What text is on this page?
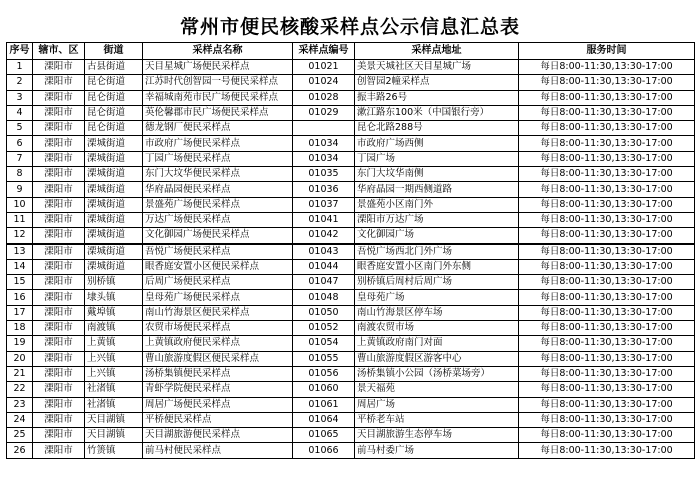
常州市便民核酸采样点公示信息汇总表
序号	辖市、区	街道	采样点名称	采样点编号	采样点地址	服务时间
1	溧阳市	古县街道	天目星城广场便民采样点	01021	美景天城社区天目星城广场	每日8:00-11:30,13:30-17:00
2	溧阳市	昆仑街道	江苏时代创智园一号便民采样点	01024	创智园2幢采样点	每日8:00-11:30,13:30-17:00
3	溧阳市	昆仑街道	幸福城南苑市民广场便民采样点	01028	振丰路26号	每日8:00-11:30,13:30-17:00
4	溧阳市	昆仑街道	英伦馨郡市民广场便民采样点	01029	漱江路东100米（中国银行旁）	每日8:00-11:30,13:30-17:00
5	溧阳市	昆仑街道	德龙钢厂便民采样点		昆仑北路288号	每日8:00-11:30,13:30-17:00
6	溧阳市	溧城街道	市政府广场便民采样点	01034	市政府广场西侧	每日8:00-11:30,13:30-17:00
7	溧阳市	溧城街道	丁园广场便民采样点	01034	丁园广场	每日8:00-11:30,13:30-17:00
8	溧阳市	溧城街道	东门大坟华便民采样点	01035	东门大坟华南侧	每日8:00-11:30,13:30-17:00
9	溧阳市	溧城街道	华府晶园便民采样点	01036	华府晶园一期西侧道路	每日8:00-11:30,13:30-17:00
10	溧阳市	溧城街道	景盛苑广场便民采样点	01037	景盛苑小区南门外	每日8:00-11:30,13:30-17:00
11	溧阳市	溧城街道	万达广场便民采样点	01041	溧阳市万达广场	每日8:00-11:30,13:30-17:00
12	溧阳市	溧城街道	文化御园广场便民采样点	01042	文化御园广场	每日8:00-11:30,13:30-17:00
13	溧阳市	溧城街道	吾悦广场便民采样点	01043	吾悦广场西北门外广场	每日8:00-11:30,13:30-17:00
14	溧阳市	溧城街道	眼香庭安置小区便民采样点	01044	眼香庭安置小区南门外东侧	每日8:00-11:30,13:30-17:00
15	溧阳市	别桥镇	后周广场便民采样点	01047	别桥镇后周村后周广场	每日8:00-11:30,13:30-17:00
16	溧阳市	埭头镇	皇母苑广场便民采样点	01048	皇母苑广场	每日8:00-11:30,13:30-17:00
17	溧阳市	戴埠镇	南山竹海景区便民采样点	01050	南山竹海景区停车场	每日8:00-11:30,13:30-17:00
18	溧阳市	南渡镇	农贸市场便民采样点	01052	南渡农贸市场	每日8:00-11:30,13:30-17:00
19	溧阳市	上黄镇	上黄镇政府便民采样点	01054	上黄镇政府南门对面	每日8:00-11:30,13:30-17:00
20	溧阳市	上兴镇	曹山旅游度假区便民采样点	01055	曹山旅游度假区游客中心	每日8:00-11:30,13:30-17:00
21	溧阳市	上兴镇	汤桥集镇便民采样点	01056	汤桥集镇小公园（汤桥菜场旁）	每日8:00-11:30,13:30-17:00
22	溧阳市	社渚镇	青虾学院便民采样点	01060	景天福苑	每日8:00-11:30,13:30-17:00
23	溧阳市	社渚镇	周居广场便民采样点	01061	周居广场	每日8:00-11:30,13:30-17:00
24	溧阳市	天目湖镇	平桥便民采样点	01064	平桥老车站	每日8:00-11:30,13:30-17:00
25	溧阳市	天目湖镇	天目湖旅游便民采样点	01065	天目湖旅游生态停车场	每日8:00-11:30,13:30-17:00
26	溧阳市	竹箦镇	前马村便民采样点	01066	前马村委广场	每日8:00-11:30,13:30-17:00
